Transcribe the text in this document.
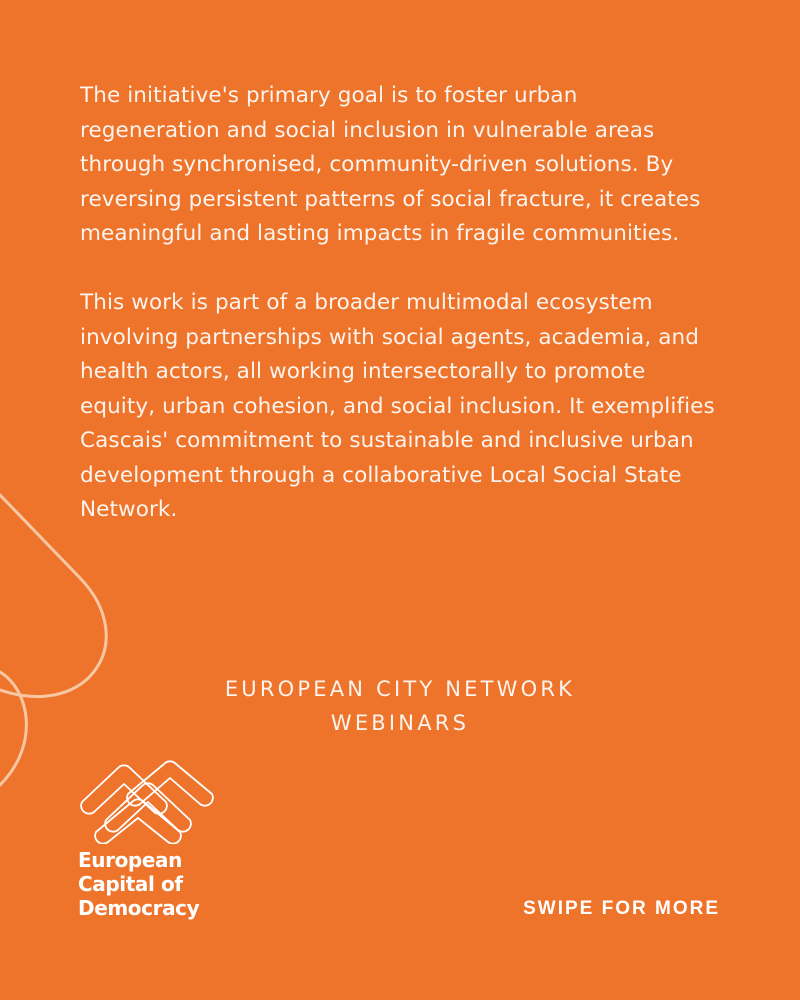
The initiative's primary goal is to foster urban regeneration and social inclusion in vulnerable areas through synchronised, community-driven solutions. By reversing persistent patterns of social fracture, it creates meaningful and lasting impacts in fragile communities.

This work is part of a broader multimodal ecosystem involving partnerships with social agents, academia, and health actors, all working intersectorally to promote equity, urban cohesion, and social inclusion. It exemplifies Cascais' commitment to sustainable and inclusive urban development through a collaborative Local Social State Network.

EUROPEAN CITY NETWORK
WEBINARS
European
Capital of
Democracy	SWIPE FOR MORE
